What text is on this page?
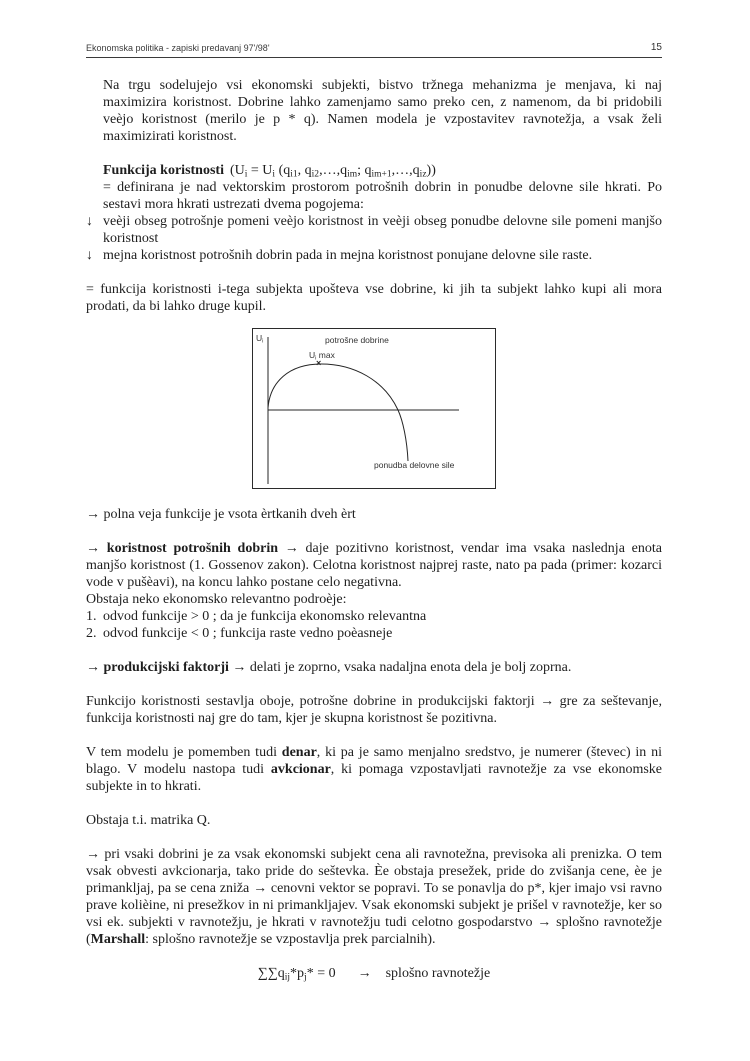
Ekonomska politika - zapiski predavanj 97'/98'	15

Na trgu sodelujejo vsi ekonomski subjekti, bistvo tržnega mehanizma je menjava, ki naj maximizira koristnost. Dobrine lahko zamenjamo samo preko cen, z namenom, da bi pridobili veèjo koristnost (merilo je p * q). Namen modela je vzpostavitev ravnotežja, a vsak želi maximizirati koristnost.

Funkcija koristnosti ($U_i = U_i$ ($q_{i1}$, $q_{i2},\dots,q_{im}$; $q_{im+1},\dots,q_{iz}$))

= definirana je nad vektorskim prostorom potrošnih dobrin in ponudbe delovne sile hkrati. Po sestavi mora hkrati ustrezati dvema pogojema:

↓ veèji obseg potrošnje pomeni veèjo koristnost in veèji obseg ponudbe delovne sile pomeni manjšo koristnost

↓ mejna koristnost potrošnih dobrin pada in mejna koristnost ponujane delovne sile raste.

= funkcija koristnosti i-tega subjekta upošteva vse dobrine, ki jih ta subjekt lahko kupi ali mora prodati, da bi lahko druge kupil.

$U_i$	potrošne dobrine
$U_i$ max
×
ponudba delovne sile

→ polna veja funkcije je vsota èrtkanih dveh èrt

→ koristnost potrošnih dobrin → daje pozitivno koristnost, vendar ima vsaka naslednja enota manjšo koristnost (1. Gossenov zakon). Celotna koristnost najprej raste, nato pa pada (primer: kozarci vode v pušèavi), na koncu lahko postane celo negativna.

Obstaja neko ekonomsko relevantno podroèje:

1. odvod funkcije > 0 ; da je funkcija ekonomsko relevantna

2. odvod funkcije < 0 ; funkcija raste vedno poèasneje

→ produkcijski faktorji → delati je zoprno, vsaka nadaljna enota dela je bolj zoprna.

Funkcijo koristnosti sestavlja oboje, potrošne dobrine in produkcijski faktorji → gre za seštevanje, funkcija koristnosti naj gre do tam, kjer je skupna koristnost še pozitivna.

V tem modelu je pomemben tudi denar, ki pa je samo menjalno sredstvo, je numerer (števec) in ni blago. V modelu nastopa tudi avkcionar, ki pomaga vzpostavljati ravnotežje za vse ekonomske subjekte in to hkrati.

Obstaja t.i. matrika Q.

→ pri vsaki dobrini je za vsak ekonomski subjekt cena ali ravnotežna, previsoka ali prenizka. O tem vsak obvesti avkcionarja, tako pride do seštevka. Èe obstaja presežek, pride do zvišanja cene, èe je primankljaj, pa se cena zniža → cenovni vektor se popravi. To se ponavlja do p*, kjer imajo vsi ravno prave kolièine, ni presežkov in ni primankljajev. Vsak ekonomski subjekt je prišel v ravnotežje, ker so vsi ek. subjekti v ravnotežju, je hkrati v ravnotežju tudi celotno gospodarstvo → splošno ravnotežje (Marshall: splošno ravnotežje se vzpostavlja prek parcialnih).

$\sum\sum q_{ij}*p_j* = 0$ → splošno ravnotežje
